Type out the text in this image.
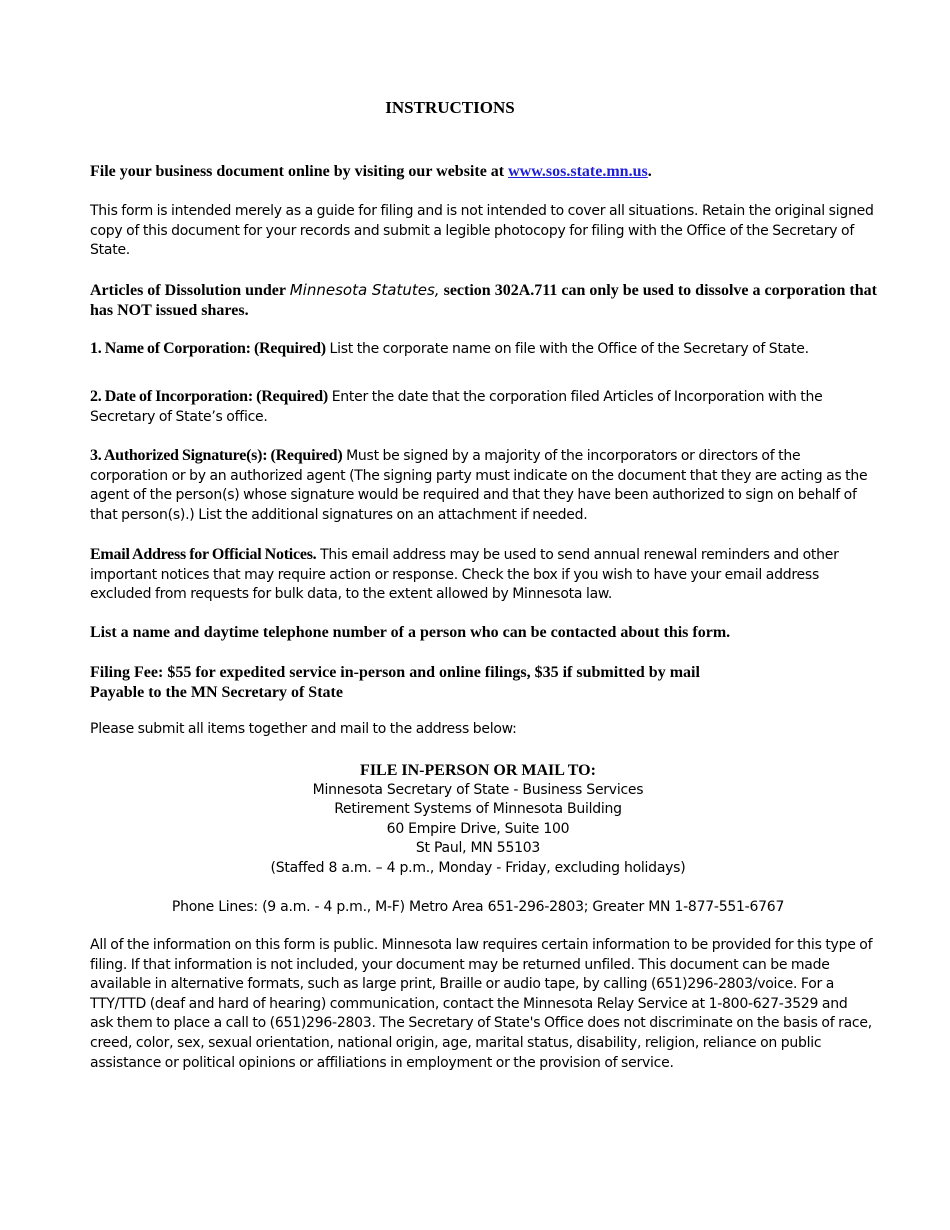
INSTRUCTIONS
File your business document online by visiting our website at www.sos.state.mn.us.
This form is intended merely as a guide for filing and is not intended to cover all situations. Retain the original signed copy of this document for your records and submit a legible photocopy for filing with the Office of the Secretary of State.
Articles of Dissolution under Minnesota Statutes, section 302A.711 can only be used to dissolve a corporation that has NOT issued shares.
1. Name of Corporation: (Required) List the corporate name on file with the Office of the Secretary of State.
2. Date of Incorporation: (Required) Enter the date that the corporation filed Articles of Incorporation with the Secretary of State’s office.
3. Authorized Signature(s): (Required) Must be signed by a majority of the incorporators or directors of the corporation or by an authorized agent (The signing party must indicate on the document that they are acting as the agent of the person(s) whose signature would be required and that they have been authorized to sign on behalf of that person(s).) List the additional signatures on an attachment if needed.
Email Address for Official Notices. This email address may be used to send annual renewal reminders and other important notices that may require action or response. Check the box if you wish to have your email address excluded from requests for bulk data, to the extent allowed by Minnesota law.
List a name and daytime telephone number of a person who can be contacted about this form.
Filing Fee: $55 for expedited service in-person and online filings, $35 if submitted by mail
Payable to the MN Secretary of State
Please submit all items together and mail to the address below:
FILE IN-PERSON OR MAIL TO:
Minnesota Secretary of State - Business Services
Retirement Systems of Minnesota Building
60 Empire Drive, Suite 100
St Paul, MN 55103
(Staffed 8 a.m. – 4 p.m., Monday - Friday, excluding holidays)
Phone Lines: (9 a.m. - 4 p.m., M-F) Metro Area 651-296-2803; Greater MN 1-877-551-6767
All of the information on this form is public. Minnesota law requires certain information to be provided for this type of filing. If that information is not included, your document may be returned unfiled. This document can be made available in alternative formats, such as large print, Braille or audio tape, by calling (651)296-2803/voice. For a TTY/TTD (deaf and hard of hearing) communication, contact the Minnesota Relay Service at 1-800-627-3529 and ask them to place a call to (651)296-2803. The Secretary of State's Office does not discriminate on the basis of race, creed, color, sex, sexual orientation, national origin, age, marital status, disability, religion, reliance on public assistance or political opinions or affiliations in employment or the provision of service.
